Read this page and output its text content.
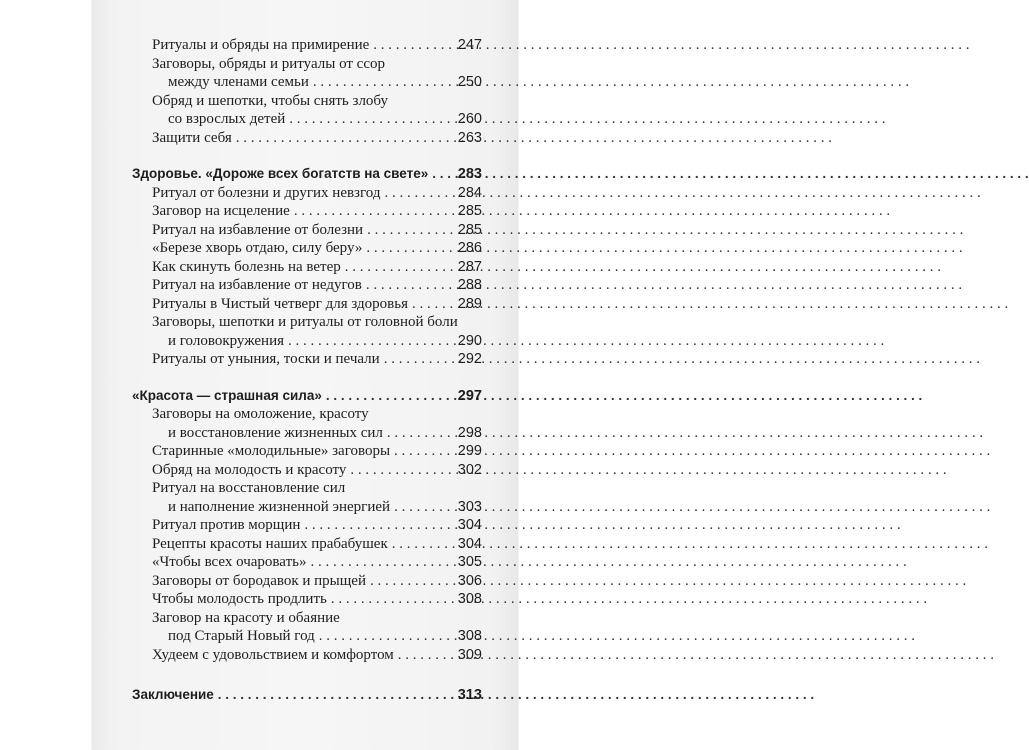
Ритуалы и обряды на примирение . . .	247
Заговоры, обряды и ритуалы от ссор
между членами семьи . . .	250
Обряд и шепотки, чтобы снять злобу
со взрослых детей . . .	260
Защити себя . . .	263
Здоровье. «Дороже всех богатств на свете» . . . 283
Ритуал от болезни и других невзгод . . .	284
Заговор на исцеление . . .	285
Ритуал на избавление от болезни . . .	285
«Березе хворь отдаю, силу беру» . . .	286
Как скинуть болезнь на ветер . . .	287
Ритуал на избавление от недугов . . .	288
Ритуалы в Чистый четверг для здоровья . . .	289
Заговоры, шепотки и ритуалы от головной боли
и головокружения . . .	290
Ритуалы от уныния, тоски и печали . . .	292
«Красота — страшная сила» . . .	297
Заговоры на омоложение, красоту
и восстановление жизненных сил . . .	298
Старинные «молодильные» заговоры . . .	299
Обряд на молодость и красоту . . .	302
Ритуал на восстановление сил
и наполнение жизненной энергией . . .	303
Ритуал против морщин . . .	304
Рецепты красоты наших прабабушек . . .	304
«Чтобы всех очаровать» . . .	305
Заговоры от бородавок и прыщей . . .	306
Чтобы молодость продлить . . .	308
Заговор на красоту и обаяние
под Старый Новый год . . .	308
Худеем с удовольствием и комфортом . . .	309
Заключение . . .	313
